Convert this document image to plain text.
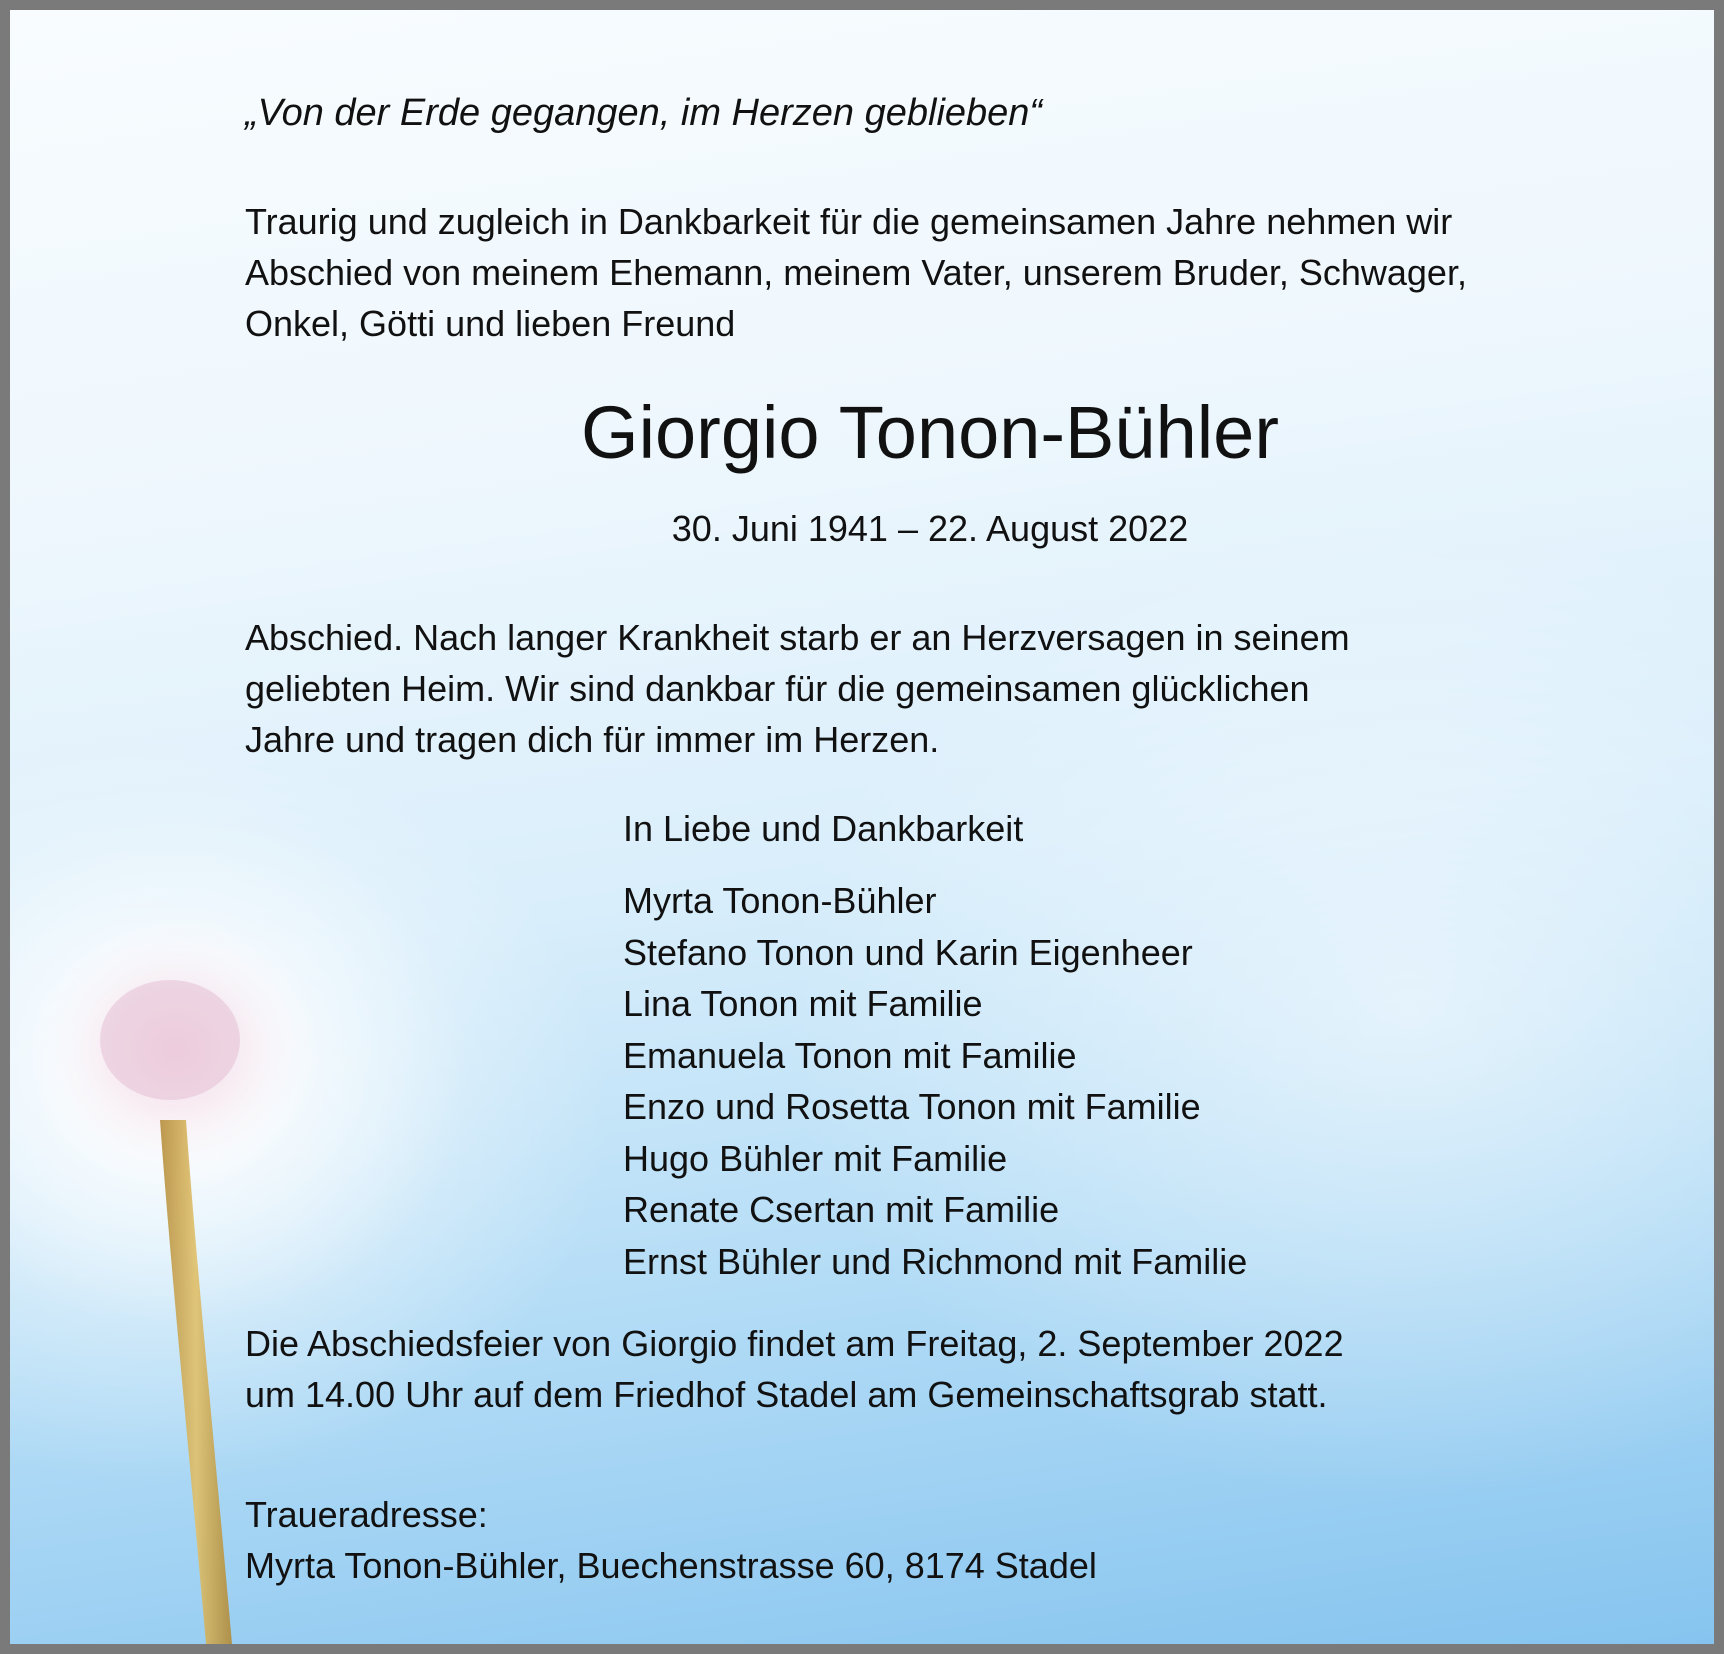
„Von der Erde gegangen, im Herzen geblieben“

Traurig und zugleich in Dankbarkeit für die gemeinsamen Jahre nehmen wir

Abschied von meinem Ehemann, meinem Vater, unserem Bruder, Schwager,

Onkel, Götti und lieben Freund

Giorgio Tonon-Bühler
30. Juni 1941 – 22. August 2022

Abschied. Nach langer Krankheit starb er an Herzversagen in seinem

geliebten Heim. Wir sind dankbar für die gemeinsamen glücklichen

Jahre und tragen dich für immer im Herzen.

In Liebe und Dankbarkeit
Myrta Tonon-Bühler
Stefano Tonon und Karin Eigenheer
Lina Tonon mit Familie
Emanuela Tonon mit Familie
Enzo und Rosetta Tonon mit Familie
Hugo Bühler mit Familie
Renate Csertan mit Familie
Ernst Bühler und Richmond mit Familie

Die Abschiedsfeier von Giorgio findet am Freitag, 2. September 2022

um 14.00 Uhr auf dem Friedhof Stadel am Gemeinschaftsgrab statt.

Traueradresse:

Myrta Tonon-Bühler, Buechenstrasse 60, 8174 Stadel
